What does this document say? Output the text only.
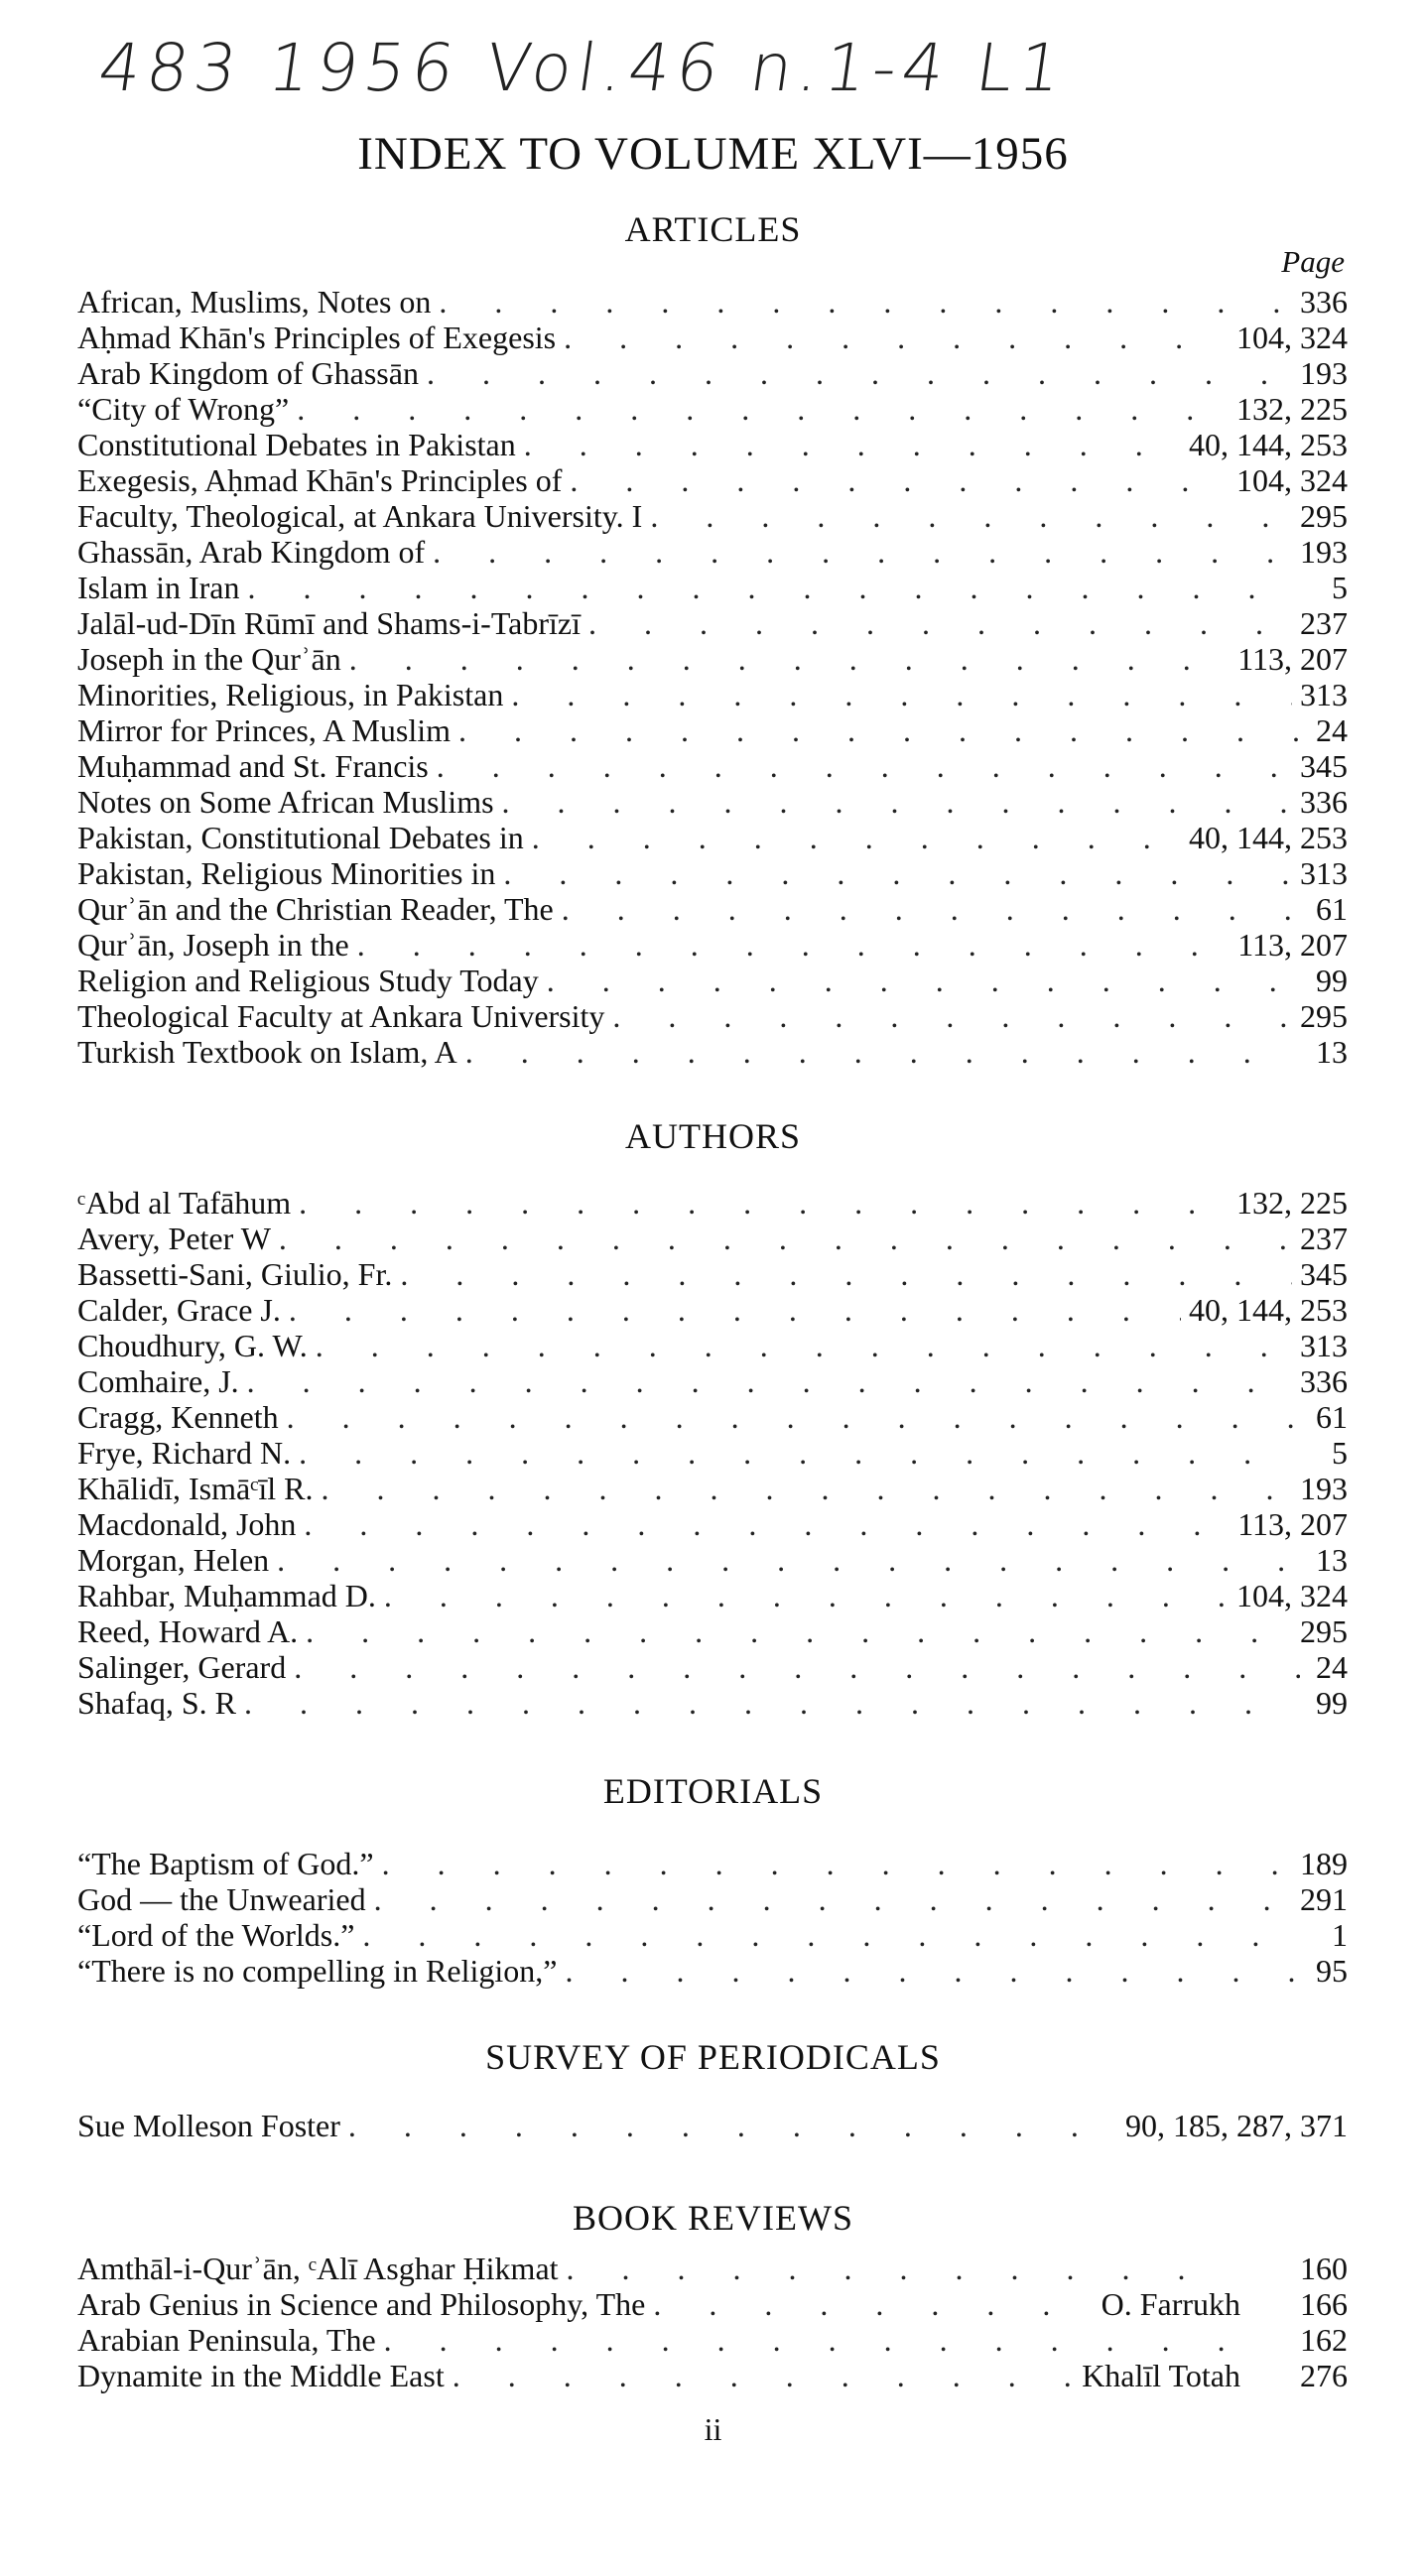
483 1956 Vol.46 n.1-4 L1
INDEX TO VOLUME XLVI—1956
ARTICLES
Page
African, Muslims, Notes on . . .	336
Aḥmad Khān's Principles of Exegesis . . .	104, 324
Arab Kingdom of Ghassān . . .	193
“City of Wrong” . . .	132, 225
Constitutional Debates in Pakistan . . .	40, 144, 253
Exegesis, Aḥmad Khān's Principles of . . .	104, 324
Faculty, Theological, at Ankara University. I . . .	295
Ghassān, Arab Kingdom of . . .	193
Islam in Iran . . .	5
Jalāl-ud-Dīn Rūmī and Shams-i-Tabrīzī . . .	237
Joseph in the Qurʾān . . .	113, 207
Minorities, Religious, in Pakistan . . .	313
Mirror for Princes, A Muslim . . .	24
Muḥammad and St. Francis . . .	345
Notes on Some African Muslims . . .	336
Pakistan, Constitutional Debates in . . .	40, 144, 253
Pakistan, Religious Minorities in . . .	313
Qurʾān and the Christian Reader, The . . .	61
Qurʾān, Joseph in the . . .	113, 207
Religion and Religious Study Today . . .	99
Theological Faculty at Ankara University . . .	295
Turkish Textbook on Islam, A . . .	13
AUTHORS
ᶜAbd al Tafāhum . . .	132, 225
Avery, Peter W . . .	237
Bassetti-Sani, Giulio, Fr. . . .	345
Calder, Grace J. . . .	40, 144, 253
Choudhury, G. W. . . .	313
Comhaire, J. . . .	336
Cragg, Kenneth . . .	61
Frye, Richard N. . . .	5
Khālidī, Ismāᶜīl R. . . .	193
Macdonald, John . . .	113, 207
Morgan, Helen . . .	13
Rahbar, Muḥammad D. . . .	104, 324
Reed, Howard A. . . .	295
Salinger, Gerard . . .	24
Shafaq, S. R . . .	99
EDITORIALS
“The Baptism of God.” . . .	189
God — the Unwearied . . .	291
“Lord of the Worlds.” . . .	1
“There is no compelling in Religion,” . . .	95
SURVEY OF PERIODICALS
Sue Molleson Foster . . .	90, 185, 287, 371
BOOK REVIEWS
Amthāl-i-Qurʾān, ᶜAlī Asghar Ḥikmat . . .	160
Arab Genius in Science and Philosophy, The . . .	O. Farrukh 166
Arabian Peninsula, The . . .	162
Dynamite in the Middle East . . .	Khalīl Totah 276
ii
